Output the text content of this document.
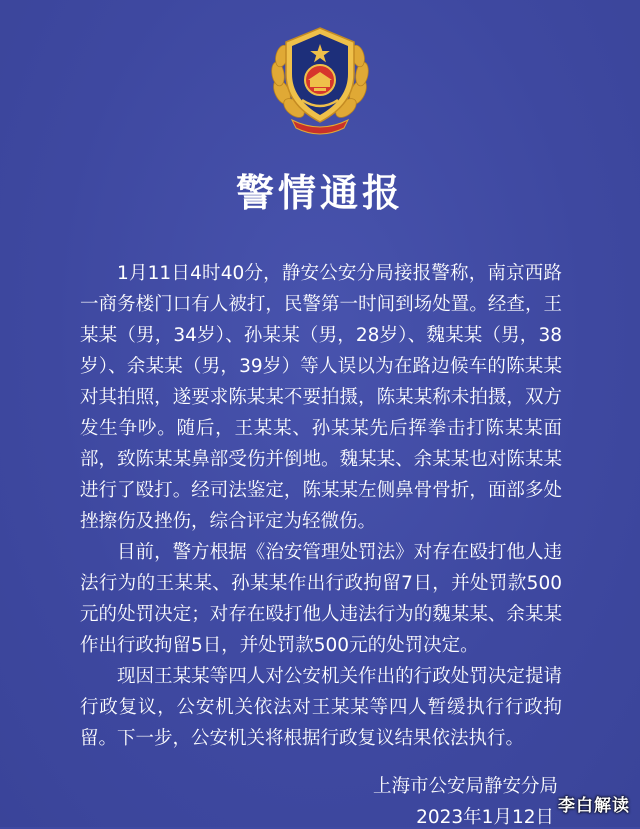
警情通报

1月11日4时40分，静安公安分局接报警称，南京西路一商务楼门口有人被打，民警第一时间到场处置。经查，王某某（男，34岁）、孙某某（男，28岁）、魏某某（男，38岁）、余某某（男，39岁）等人误以为在路边候车的陈某某对其拍照，遂要求陈某某不要拍摄，陈某某称未拍摄，双方发生争吵。随后，王某某、孙某某先后挥拳击打陈某某面部，致陈某某鼻部受伤并倒地。魏某某、余某某也对陈某某进行了殴打。经司法鉴定，陈某某左侧鼻骨骨折，面部多处挫擦伤及挫伤，综合评定为轻微伤。

目前，警方根据《治安管理处罚法》对存在殴打他人违法行为的王某某、孙某某作出行政拘留7日，并处罚款500元的处罚决定；对存在殴打他人违法行为的魏某某、余某某作出行政拘留5日，并处罚款500元的处罚决定。

现因王某某等四人对公安机关作出的行政处罚决定提请行政复议，公安机关依法对王某某等四人暂缓执行行政拘留。下一步，公安机关将根据行政复议结果依法执行。

上海市公安局静安分局
2023年1月12日
李白解读
